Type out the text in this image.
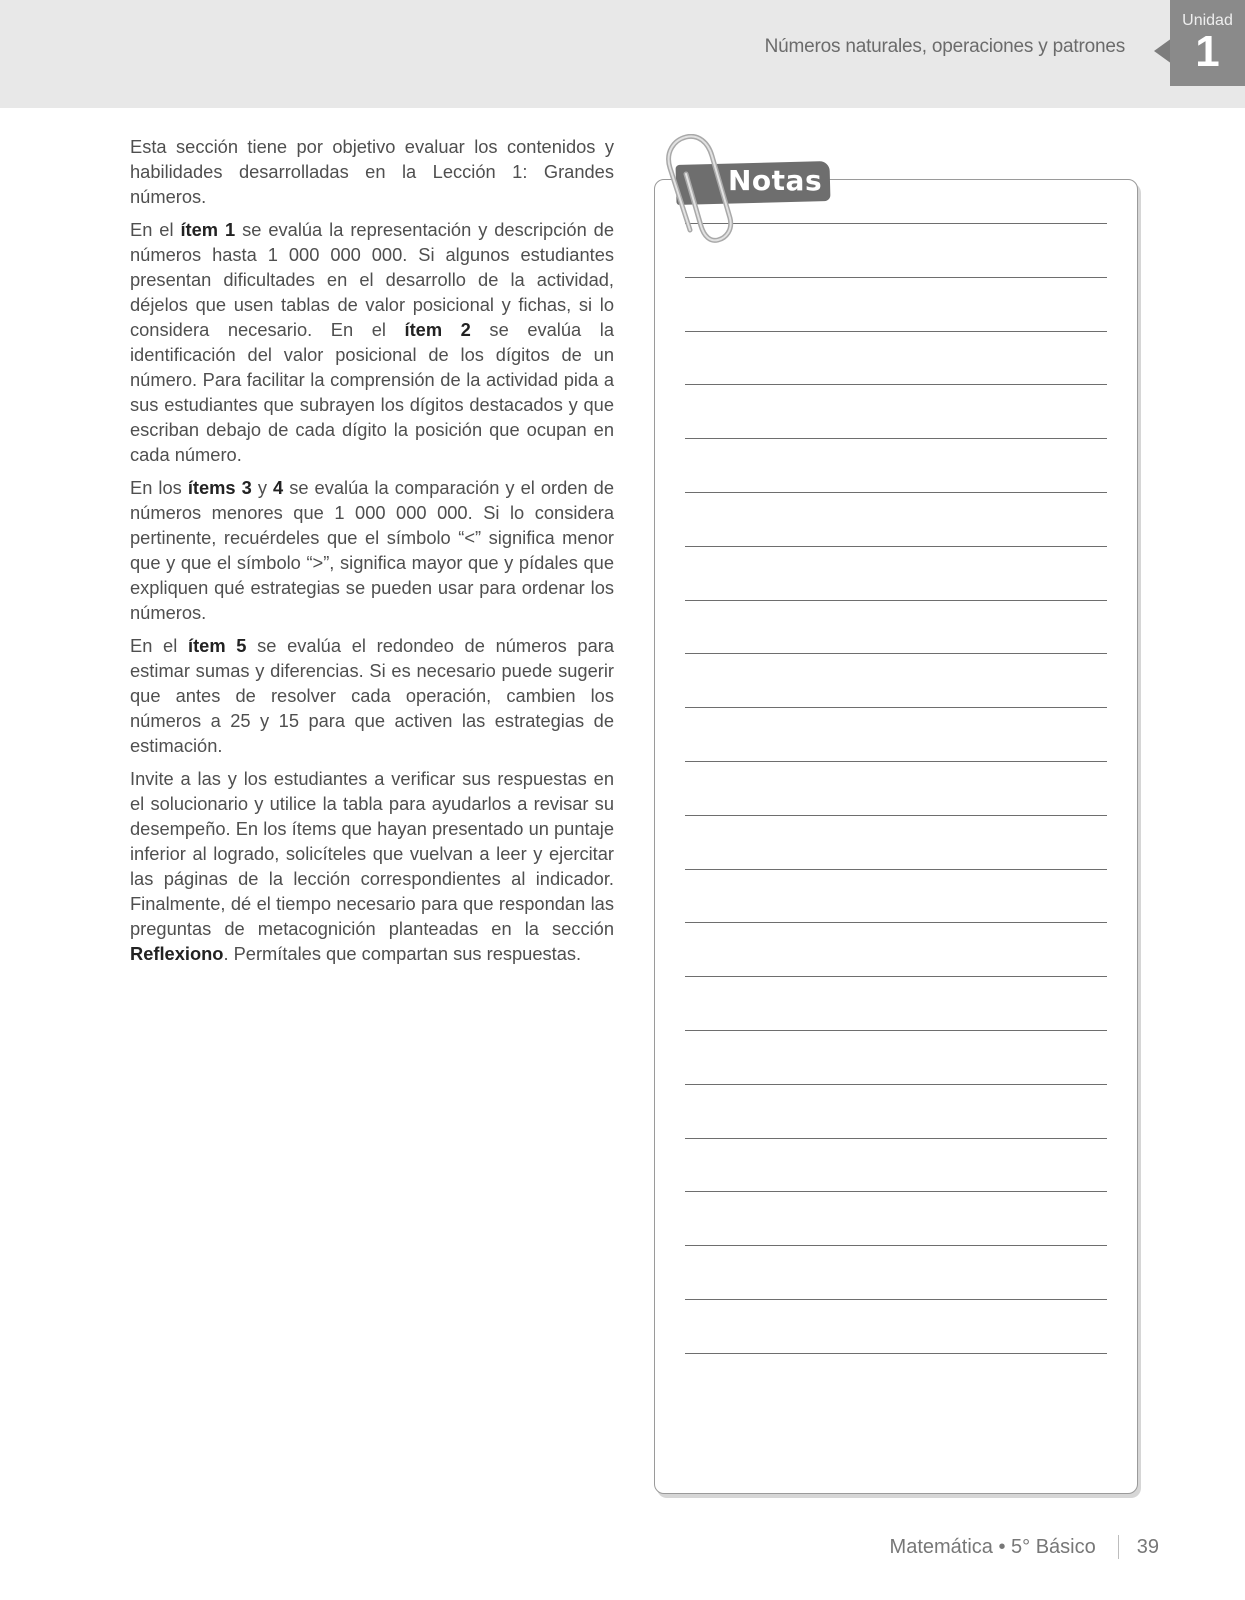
Números naturales, operaciones y patrones
Unidad
1

Esta sección tiene por objetivo evaluar los contenidos y habilidades desarrolladas en la Lección 1: Grandes números.

En el ítem 1 se evalúa la representación y descripción de números hasta 1 000 000 000. Si algunos estudiantes presentan dificultades en el desarrollo de la actividad, déjelos que usen tablas de valor posicional y fichas, si lo considera necesario. En el ítem 2 se evalúa la identificación del valor posicional de los dígitos de un número. Para facilitar la comprensión de la actividad pida a sus estudiantes que subrayen los dígitos destacados y que escriban debajo de cada dígito la posición que ocupan en cada número.

En los ítems 3 y 4 se evalúa la comparación y el orden de números menores que 1 000 000 000. Si lo considera pertinente, recuérdeles que el símbolo “<” significa menor que y que el símbolo “>”, significa mayor que y pídales que expliquen qué estrategias se pueden usar para ordenar los números.

En el ítem 5 se evalúa el redondeo de números para estimar sumas y diferencias. Si es necesario puede sugerir que antes de resolver cada operación, cambien los números a 25 y 15 para que activen las estrategias de estimación.

Invite a las y los estudiantes a verificar sus respuestas en el solucionario y utilice la tabla para ayudarlos a revisar su desempeño. En los ítems que hayan presentado un puntaje inferior al logrado, solicíteles que vuelvan a leer y ejercitar las páginas de la lección correspondientes al indicador. Finalmente, dé el tiempo necesario para que respondan las preguntas de metacognición planteadas en la sección Reflexiono. Permítales que compartan sus respuestas.

Notas
Matemática • 5° Básico 39
